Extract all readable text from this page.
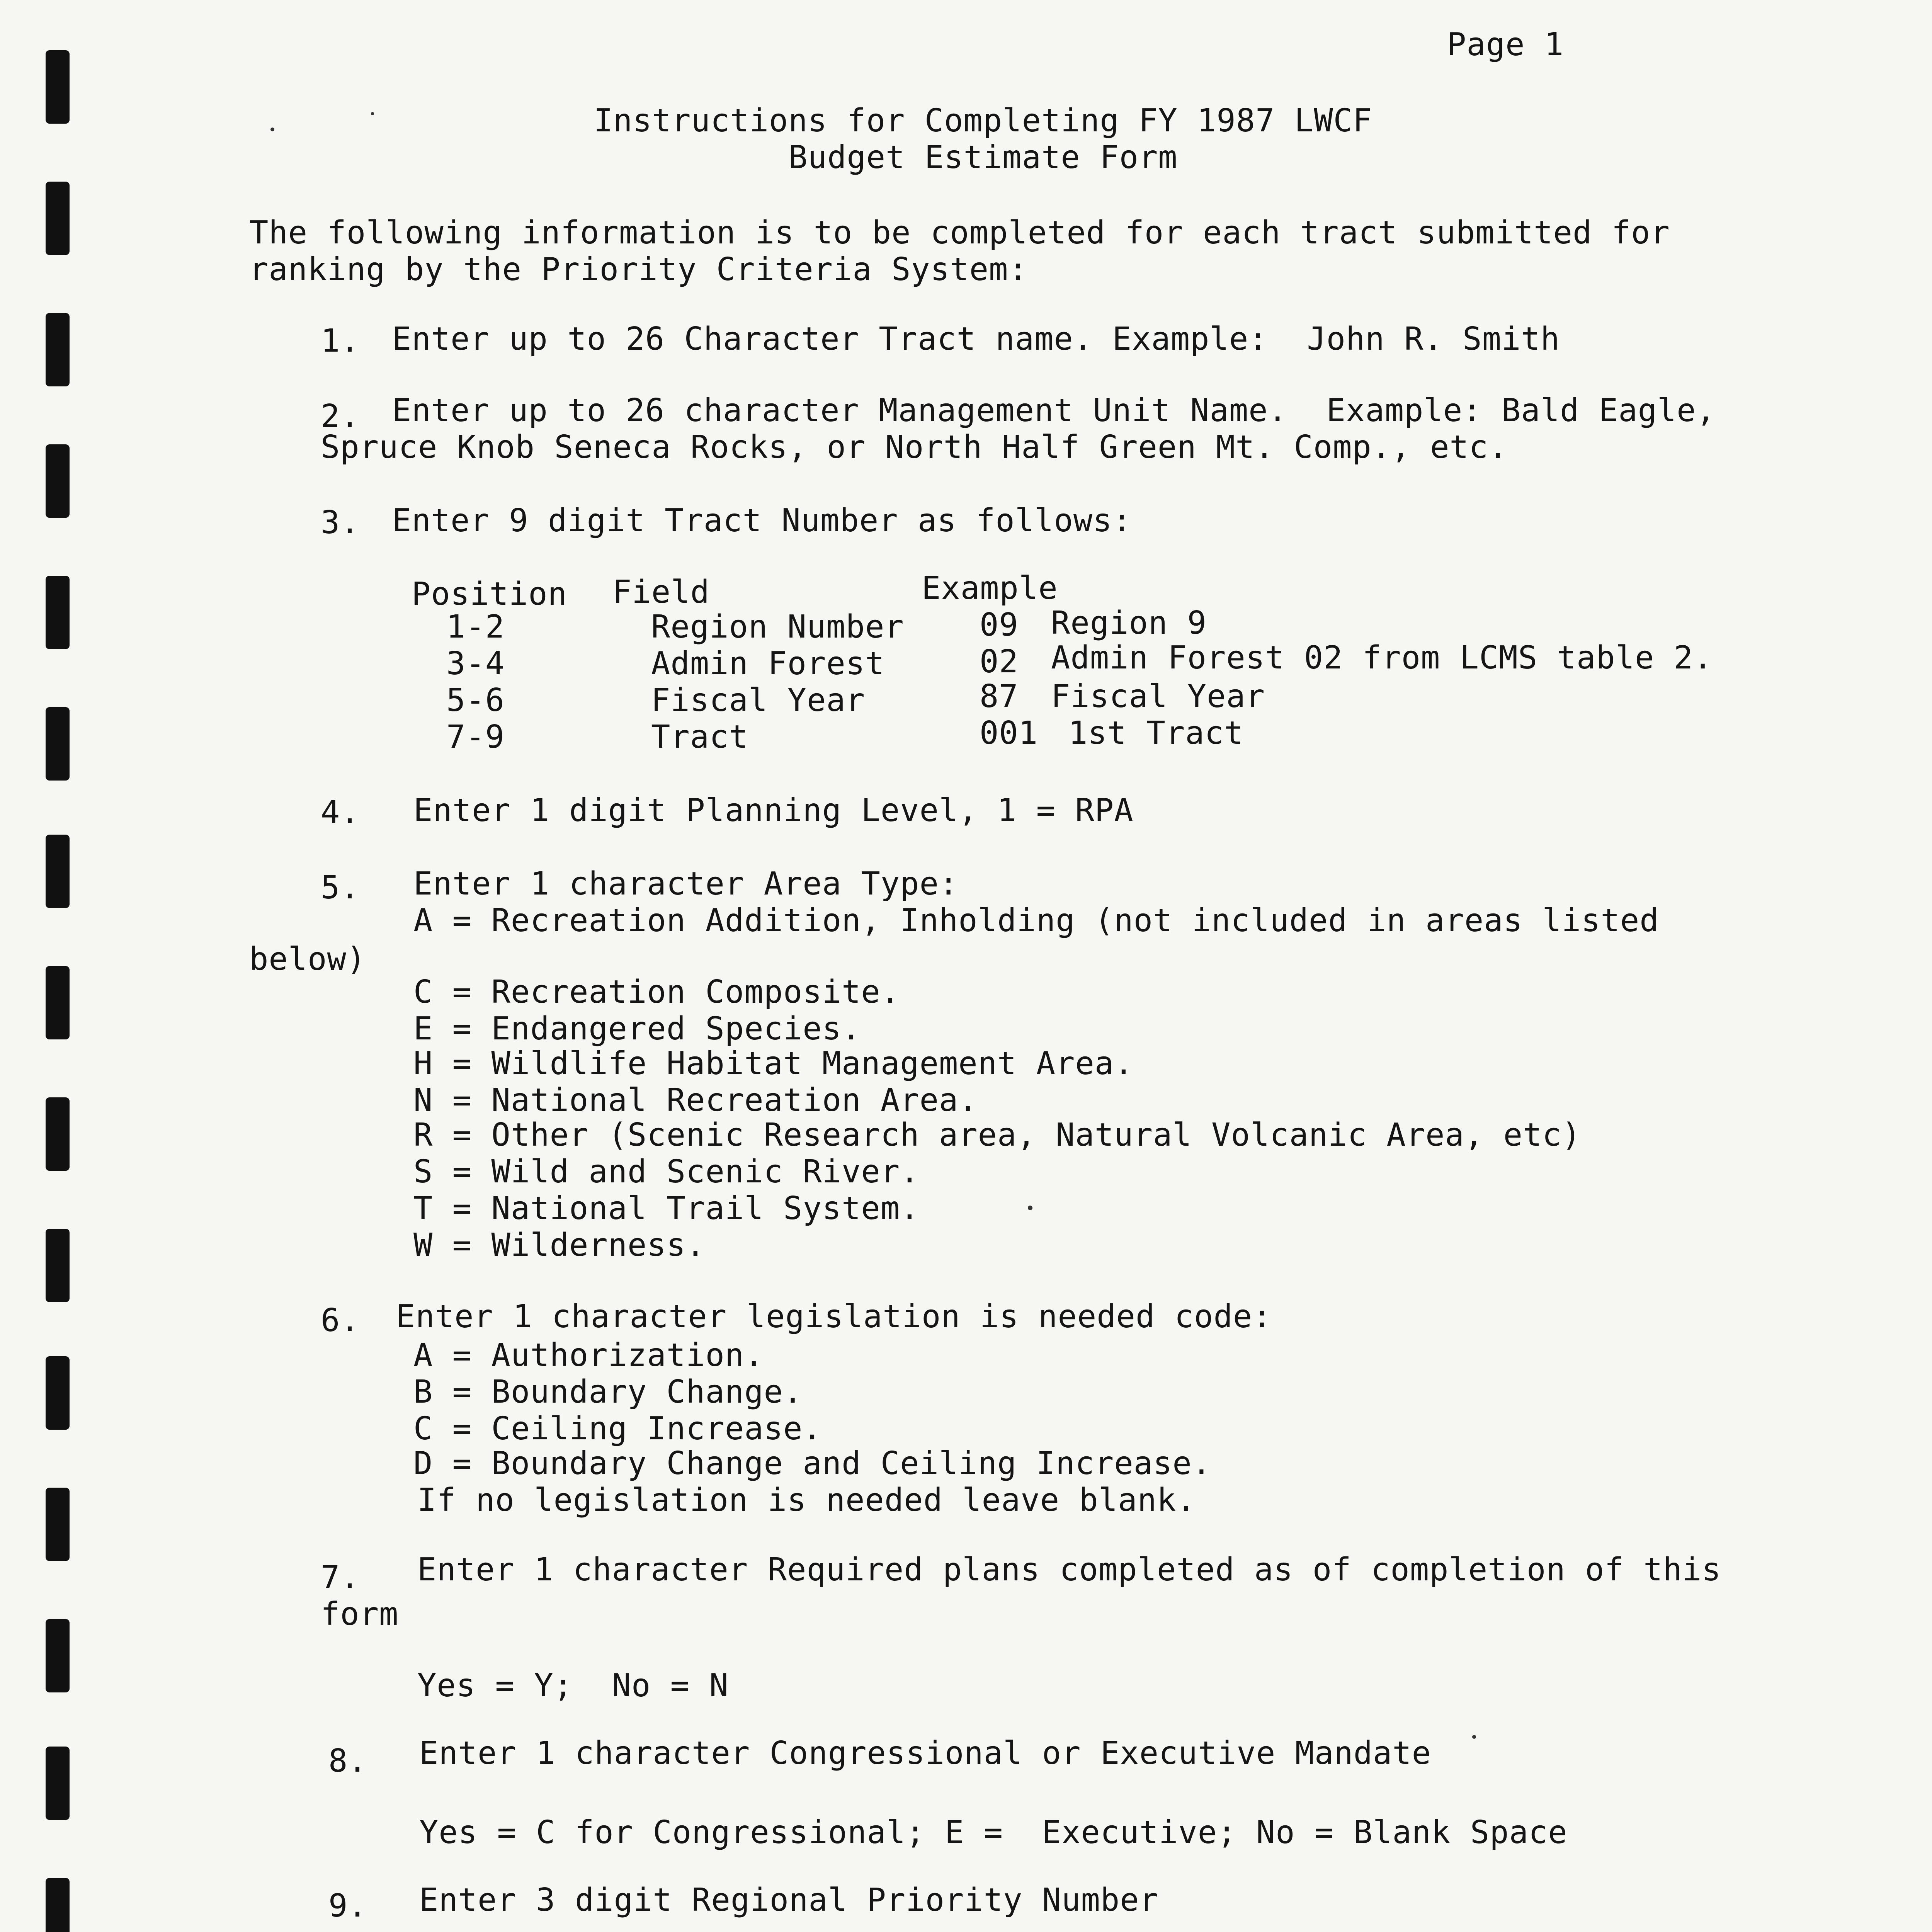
Page 1
Instructions for Completing FY 1987 LWCF
Budget Estimate Form
The following information is to be completed for each tract submitted for
ranking by the Priority Criteria System:
1. Enter up to 26 Character Tract name. Example:  John R. Smith
2. Enter up to 26 character Management Unit Name.  Example: Bald Eagle,
Spruce Knob Seneca Rocks, or North Half Green Mt. Comp., etc.
3. Enter 9 digit Tract Number as follows:
Position Field	Example
1-2	Region Number 09 Region 9
3-4	Admin Forest	02 Admin Forest 02 from LCMS table 2.
5-6	Fiscal Year	87 Fiscal Year
7-9	Tract	001 1st Tract
4. Enter 1 digit Planning Level, 1 = RPA
5. Enter 1 character Area Type:
A = Recreation Addition, Inholding (not included in areas listed
below)
C = Recreation Composite.
E = Endangered Species.
H = Wildlife Habitat Management Area.
N = National Recreation Area.
R = Other (Scenic Research area, Natural Volcanic Area, etc)
S = Wild and Scenic River.
T = National Trail System.
W = Wilderness.
6. Enter 1 character legislation is needed code:
A = Authorization.
B = Boundary Change.
C = Ceiling Increase.
D = Boundary Change and Ceiling Increase.
If no legislation is needed leave blank.
7. Enter 1 character Required plans completed as of completion of this
form
Yes = Y;  No = N
8. Enter 1 character Congressional or Executive Mandate
Yes = C for Congressional; E =  Executive; No = Blank Space
9. Enter 3 digit Regional Priority Number
